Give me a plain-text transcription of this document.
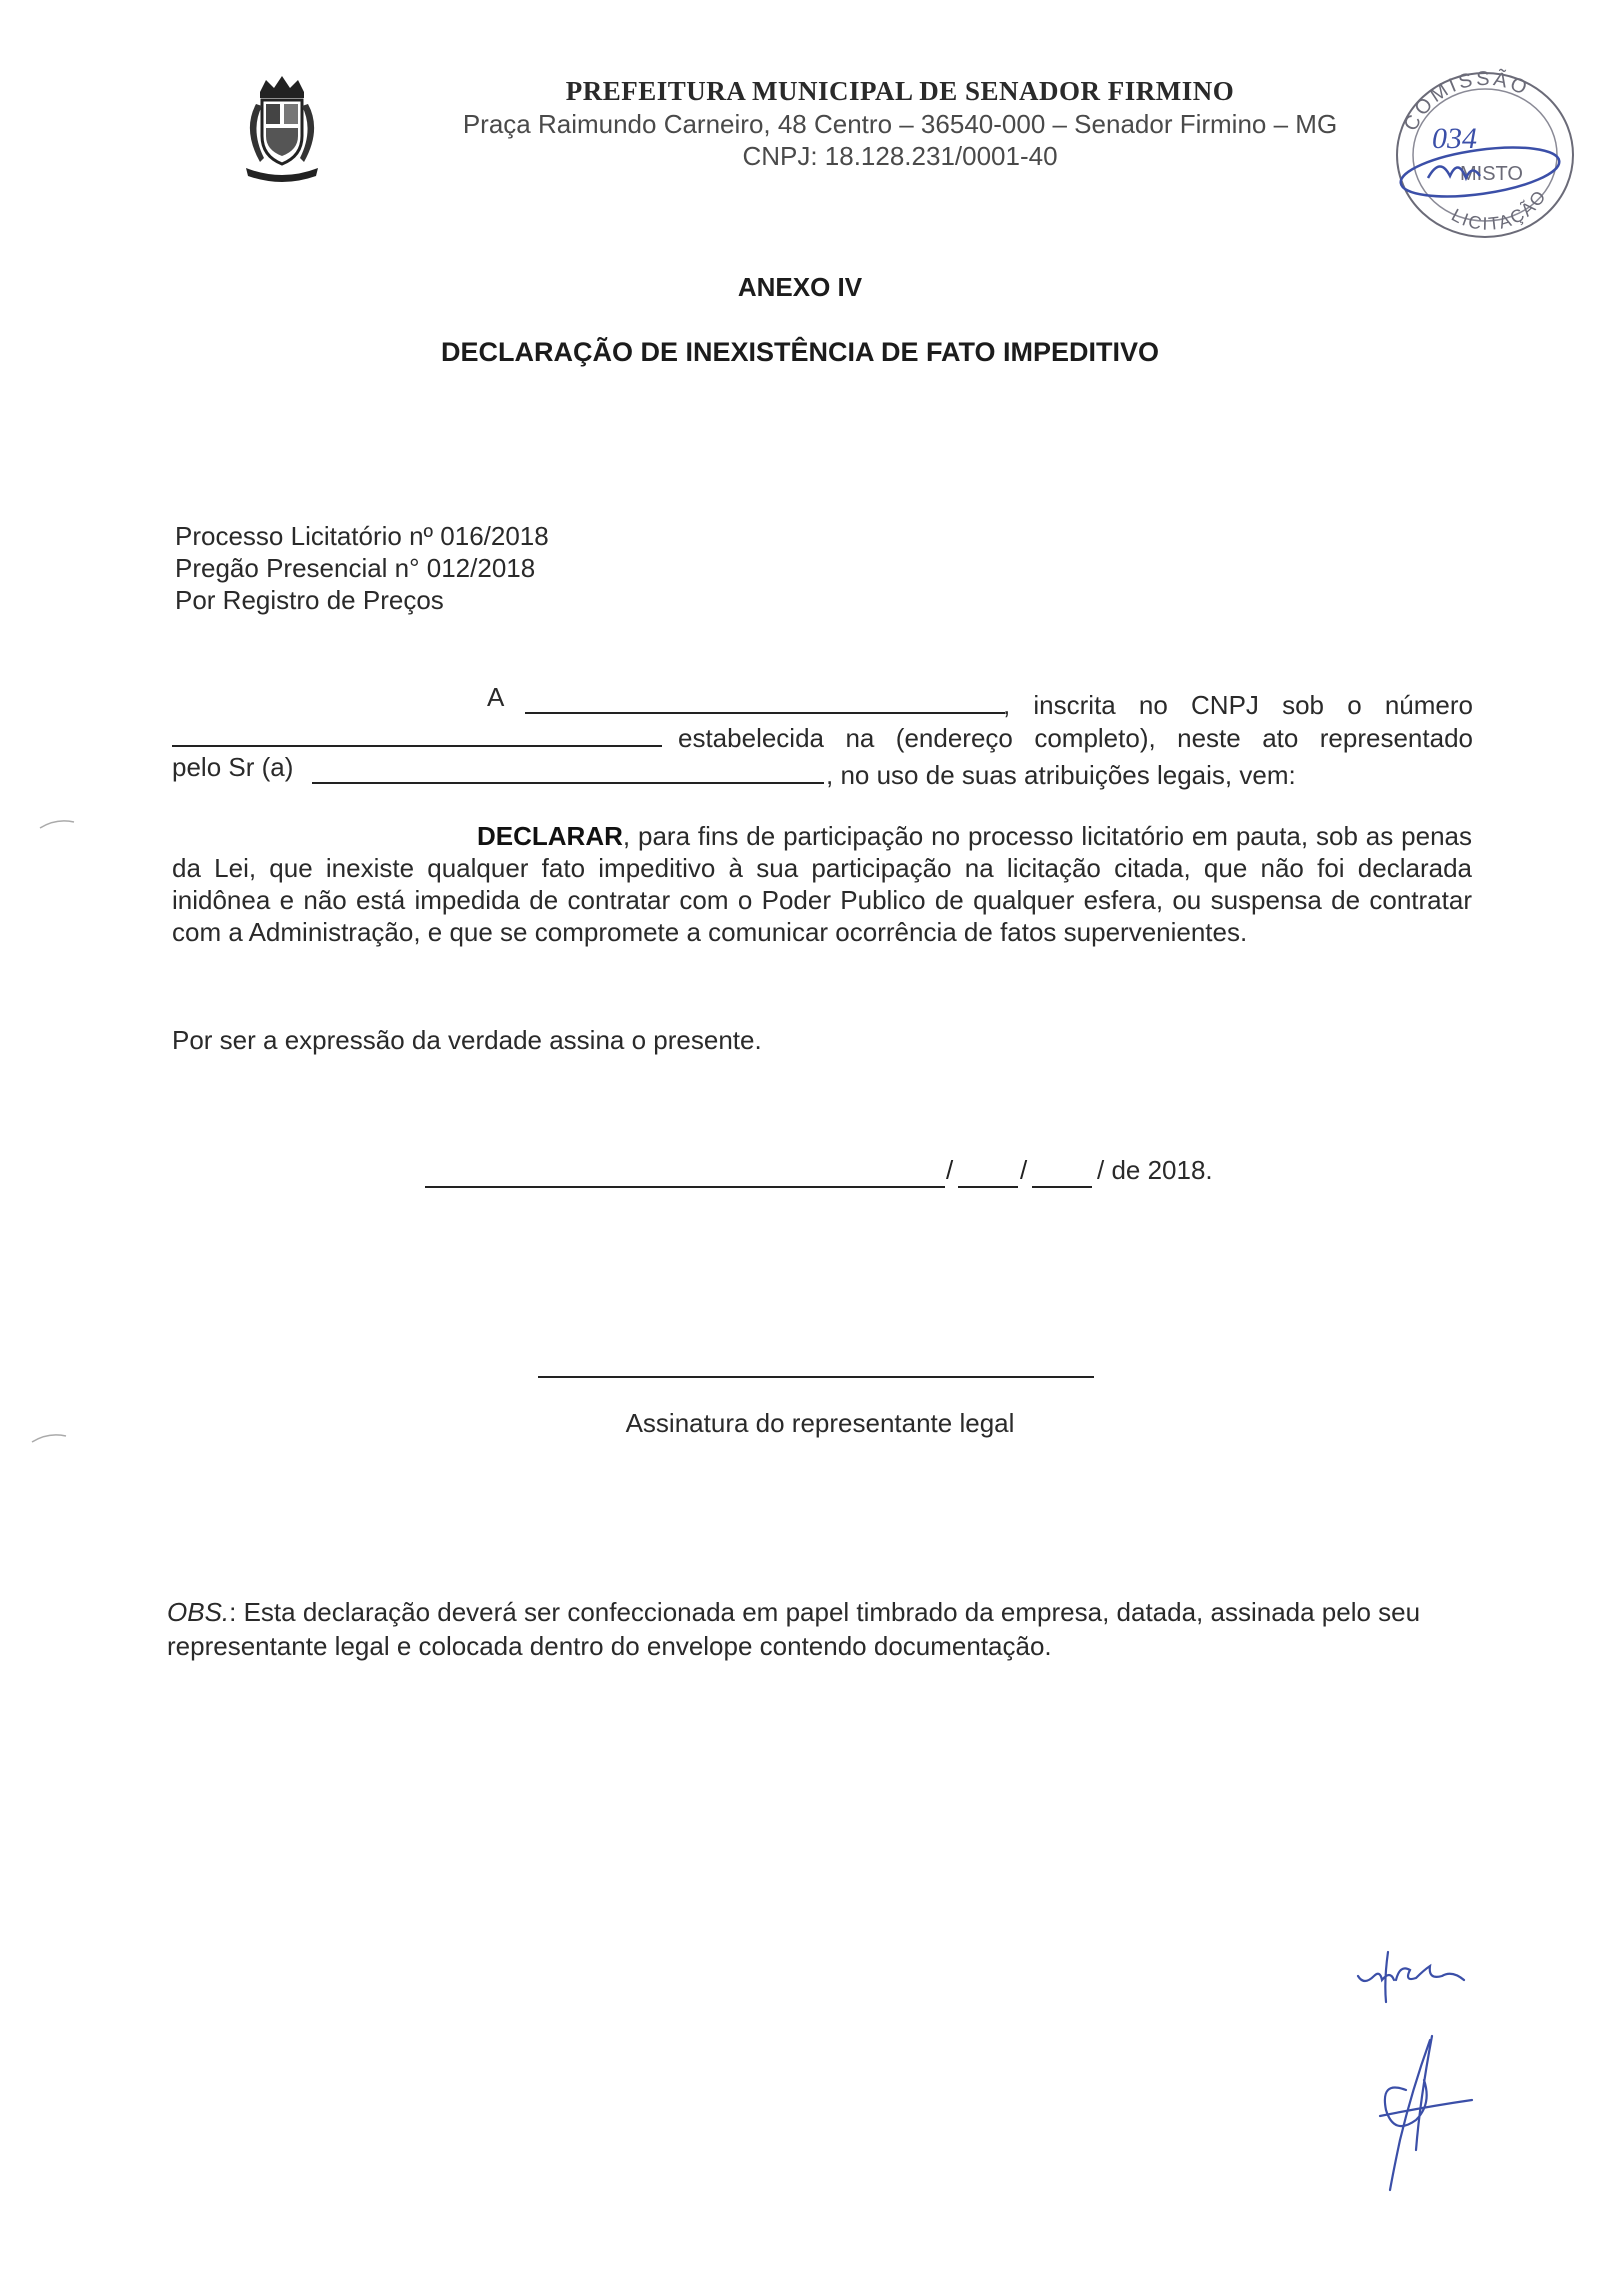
PREFEITURA MUNICIPAL DE SENADOR FIRMINO
Praça Raimundo Carneiro, 48 Centro – 36540-000 – Senador Firmino – MG
CNPJ: 18.128.231/0001-40
COMISSÃO
034
MISTO
LICITAÇÃO
ANEXO IV
DECLARAÇÃO DE INEXISTÊNCIA DE FATO IMPEDITIVO
Processo Licitatório nº 016/2018
Pregão Presencial n° 012/2018
Por Registro de Preços
A	, inscrita no CNPJ sob o número
estabelecida na (endereço completo), neste ato representado
pelo Sr (a)	, no uso de suas atribuições legais, vem:
DECLARAR, para fins de participação no processo licitatório em pauta, sob as penas da Lei, que inexiste qualquer fato impeditivo à sua participação na licitação citada, que não foi declarada inidônea e não está impedida de contratar com o Poder Publico de qualquer esfera, ou suspensa de contratar com a Administração, e que se compromete a comunicar ocorrência de fatos supervenientes.
Por ser a expressão da verdade assina o presente.
/	/	/ de 2018.
Assinatura do representante legal
OBS.: Esta declaração deverá ser confeccionada em papel timbrado da empresa, datada, assinada pelo seu representante legal e colocada dentro do envelope contendo documentação.
